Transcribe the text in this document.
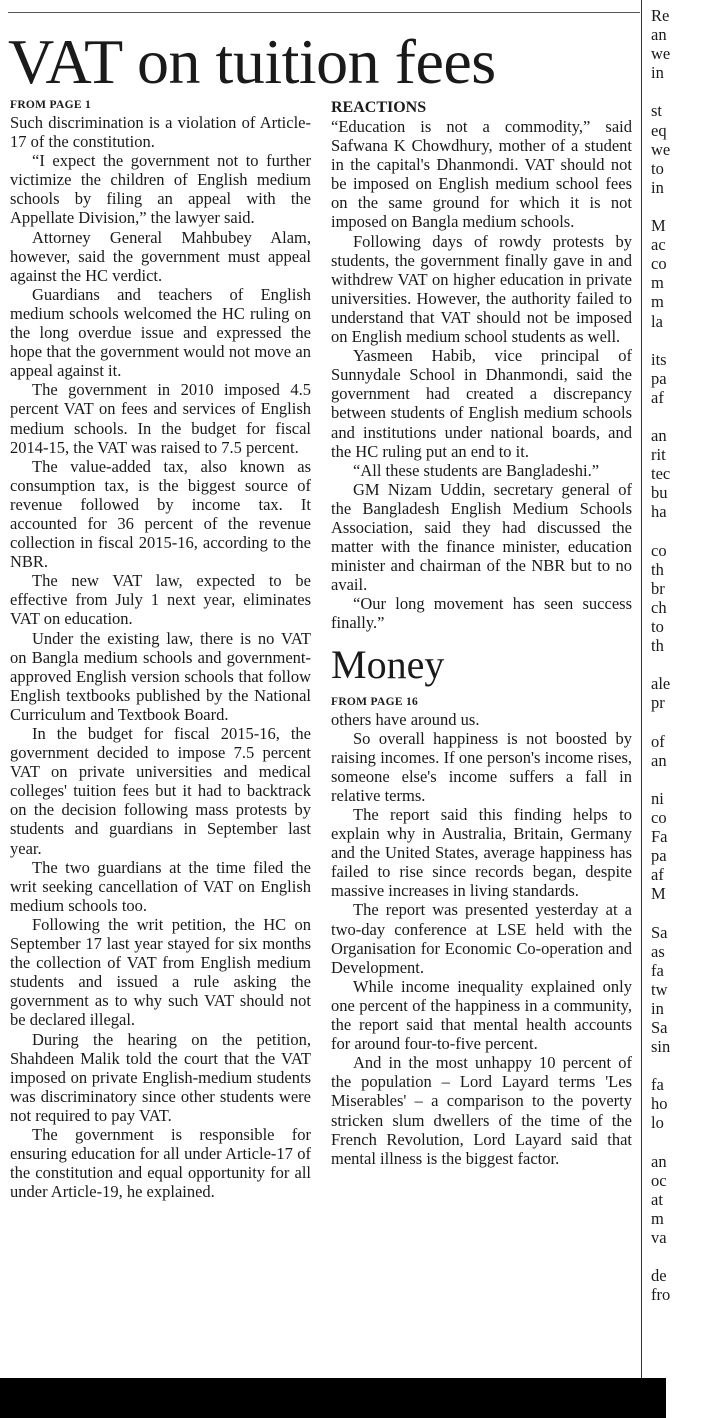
VAT on tuition fees
FROM PAGE 1

Such discrimination is a violation of Article-17 of the constitution.

“I expect the government not to further victimize the children of English medium schools by filing an appeal with the Appellate Division,” the lawyer said.

Attorney General Mahbubey Alam, however, said the government must appeal against the HC verdict.

Guardians and teachers of English medium schools welcomed the HC ruling on the long overdue issue and expressed the hope that the government would not move an appeal against it.

The government in 2010 imposed 4.5 percent VAT on fees and services of English medium schools. In the budget for fiscal 2014-15, the VAT was raised to 7.5 percent.

The value-added tax, also known as consumption tax, is the biggest source of revenue followed by income tax. It accounted for 36 percent of the revenue collection in fiscal 2015-16, according to the NBR.

The new VAT law, expected to be effective from July 1 next year, eliminates VAT on education.

Under the existing law, there is no VAT on Bangla medium schools and government-approved English version schools that follow English textbooks published by the National Curriculum and Textbook Board.

In the budget for fiscal 2015-16, the government decided to impose 7.5 percent VAT on private universities and medical colleges' tuition fees but it had to backtrack on the decision following mass protests by students and guardians in September last year.

The two guardians at the time filed the writ seeking cancellation of VAT on English medium schools too.

Following the writ petition, the HC on September 17 last year stayed for six months the collection of VAT from English medium students and issued a rule asking the government as to why such VAT should not be declared illegal.

During the hearing on the petition, Shahdeen Malik told the court that the VAT imposed on private English-medium students was discriminatory since other students were not required to pay VAT.

The government is responsible for ensuring education for all under Article-17 of the constitution and equal opportunity for all under Article-19, he explained.

REACTIONS

“Education is not a commodity,” said Safwana K Chowdhury, mother of a student in the capital's Dhanmondi. VAT should not be imposed on English medium school fees on the same ground for which it is not imposed on Bangla medium schools.

Following days of rowdy protests by students, the government finally gave in and withdrew VAT on higher education in private universities. However, the authority failed to understand that VAT should not be imposed on English medium school students as well.

Yasmeen Habib, vice principal of Sunnydale School in Dhanmondi, said the government had created a discrepancy between students of English medium schools and institutions under national boards, and the HC ruling put an end to it.

“All these students are Bangladeshi.”

GM Nizam Uddin, secretary general of the Bangladesh English Medium Schools Association, said they had discussed the matter with the finance minister, education minister and chairman of the NBR but to no avail.

“Our long movement has seen success finally.”

Money
FROM PAGE 16

others have around us.

So overall happiness is not boosted by raising incomes. If one person's income rises, someone else's income suffers a fall in relative terms.

The report said this finding helps to explain why in Australia, Britain, Germany and the United States, average happiness has failed to rise since records began, despite massive increases in living standards.

The report was presented yesterday at a two-day conference at LSE held with the Organisation for Economic Co-operation and Development.

While income inequality explained only one percent of the happiness in a community, the report said that mental health accounts for around four-to-five percent.

And in the most unhappy 10 percent of the population – Lord Layard terms 'Les Miserables' – a comparison to the poverty stricken slum dwellers of the time of the French Revolution, Lord Layard said that mental illness is the biggest factor.

Re
an
we
in
st
eq
we
to
in
M
ac
co
m
m
la
its
pa
af
an
rit
tec
bu
ha
co
th
br
ch
to
th
ale
pr
of
an
ni
co
Fa
pa
af
M
Sa
as
fa
tw
in
Sa
sin
fa
ho
lo
an
oc
at
m
va
de
fro
